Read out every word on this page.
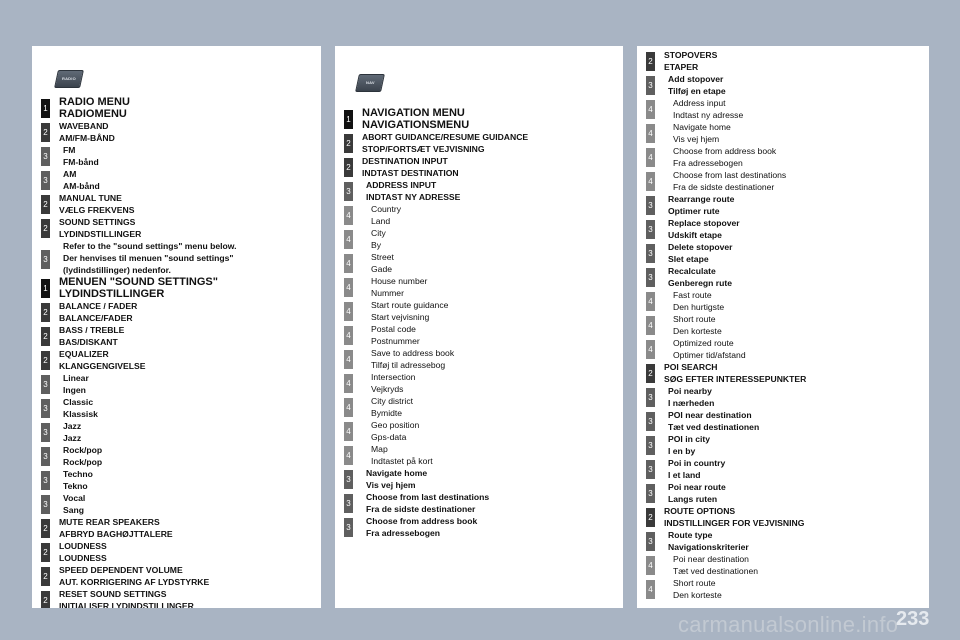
RADIO
1
RADIO MENU
RADIOMENU
2
WAVEBAND
AM/FM-BÅND
3
FM
FM-bånd
3
AM
AM-bånd
2
MANUAL TUNE
VÆLG FREKVENS
2
SOUND SETTINGS
LYDINDSTILLINGER
3
Refer to the "sound settings" menu below.
Der henvises til menuen "sound settings"
(lydindstillinger) nedenfor.
1
MENUEN "SOUND SETTINGS"
LYDINDSTILLINGER
2
BALANCE / FADER
BALANCE/FADER
2
BASS / TREBLE
BAS/DISKANT
2
EQUALIZER
KLANGGENGIVELSE
3
Linear
Ingen
3
Classic
Klassisk
3
Jazz
Jazz
3
Rock/pop
Rock/pop
3
Techno
Tekno
3
Vocal
Sang
2
MUTE REAR SPEAKERS
AFBRYD BAGHØJTTALERE
2
LOUDNESS
LOUDNESS
2
SPEED DEPENDENT VOLUME
AUT. KORRIGERING AF LYDSTYRKE
2
RESET SOUND SETTINGS
INITIALISER LYDINDSTILLINGER
NAV
1
NAVIGATION MENU
NAVIGATIONSMENU
2
ABORT GUIDANCE/RESUME GUIDANCE
STOP/FORTSÆT VEJVISNING
2
DESTINATION INPUT
INDTAST DESTINATION
3
ADDRESS INPUT
INDTAST NY ADRESSE
4
Country
Land
4
City
By
4
Street
Gade
4
House number
Nummer
4
Start route guidance
Start vejvisning
4
Postal code
Postnummer
4
Save to address book
Tilføj til adressebog
4
Intersection
Vejkryds
4
City district
Bymidte
4
Geo position
Gps-data
4
Map
Indtastet på kort
3
Navigate home
Vis vej hjem
3
Choose from last destinations
Fra de sidste destinationer
3
Choose from address book
Fra adressebogen
2
STOPOVERS
ETAPER
3
Add stopover
Tilføj en etape
4
Address input
Indtast ny adresse
4
Navigate home
Vis vej hjem
4
Choose from address book
Fra adressebogen
4
Choose from last destinations
Fra de sidste destinationer
3
Rearrange route
Optimer rute
3
Replace stopover
Udskift etape
3
Delete stopover
Slet etape
3
Recalculate
Genberegn rute
4
Fast route
Den hurtigste
4
Short route
Den korteste
4
Optimized route
Optimer tid/afstand
2
POI SEARCH
SØG EFTER INTERESSEPUNKTER
3
Poi nearby
I nærheden
3
POI near destination
Tæt ved destinationen
3
POI in city
I en by
3
Poi in country
I et land
3
Poi near route
Langs ruten
2
ROUTE OPTIONS
INDSTILLINGER FOR VEJVISNING
3
Route type
Navigationskriterier
4
Poi near destination
Tæt ved destinationen
4
Short route
Den korteste
carmanualsonline.info
233
